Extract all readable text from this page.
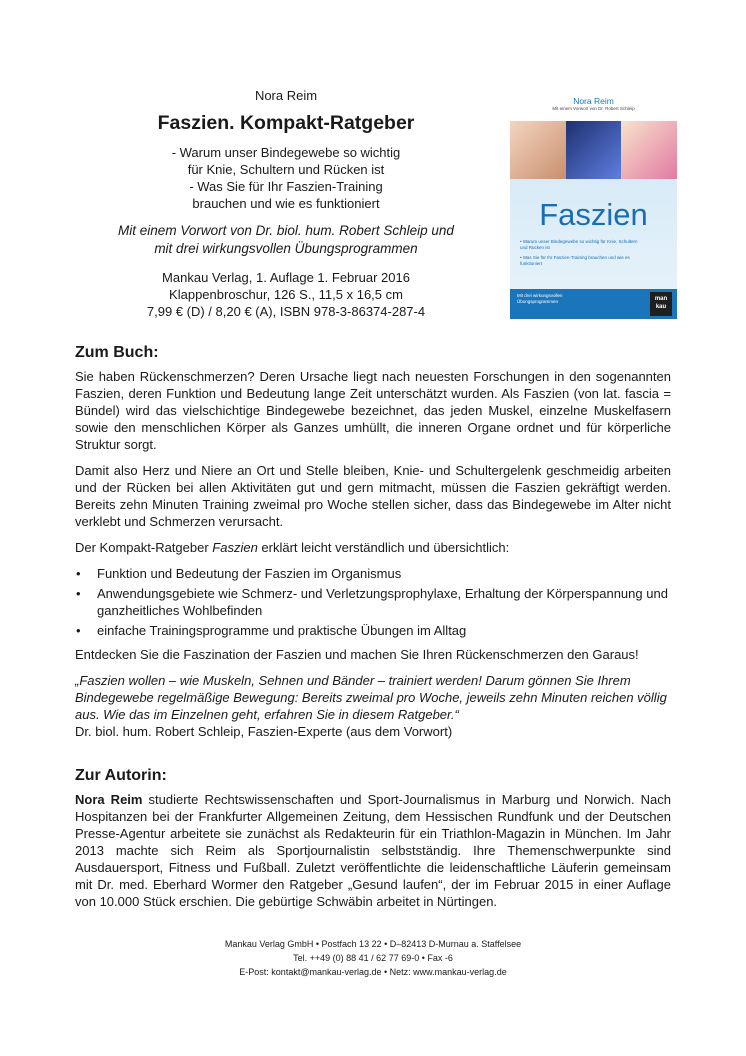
Nora Reim

Faszien. Kompakt-Ratgeber

- Warum unser Bindegewebe so wichtig
für Knie, Schultern und Rücken ist
- Was Sie für Ihr Faszien-Training
brauchen und wie es funktioniert
Mit einem Vorwort von Dr. biol. hum. Robert Schleip und
mit drei wirkungsvollen Übungsprogrammen
Mankau Verlag, 1. Auflage 1. Februar 2016
Klappenbroschur, 126 S., 11,5 x 16,5 cm
7,99 € (D) / 8,20 € (A), ISBN 978-3-86374-287-4
Nora Reim
Mit einem Vorwort von Dr. Robert Schleip
Faszien

• Warum unser Bindegewebe so wichtig für Knie, Schultern und Rücken ist

• Was Sie für Ihr Faszien-Training brauchen und wie es funktioniert

Mit drei wirkungsvollen Übungsprogrammen	man
kau
Zum Buch:

Sie haben Rückenschmerzen? Deren Ursache liegt nach neuesten Forschungen in den sogenannten Faszien, deren Funktion und Bedeutung lange Zeit unterschätzt wurden. Als Faszien (von lat. fascia = Bündel) wird das vielschichtige Bindegewebe bezeichnet, das jeden Muskel, einzelne Muskelfasern sowie den menschlichen Körper als Ganzes umhüllt, die inneren Organe ordnet und für körperliche Struktur sorgt.

Damit also Herz und Niere an Ort und Stelle bleiben, Knie- und Schultergelenk geschmeidig arbeiten und der Rücken bei allen Aktivitäten gut und gern mitmacht, müssen die Faszien gekräftigt werden. Bereits zehn Minuten Training zweimal pro Woche stellen sicher, dass das Bindegewebe im Alter nicht verklebt und Schmerzen verursacht.

Der Kompakt-Ratgeber Faszien erklärt leicht verständlich und übersichtlich:

• Funktion und Bedeutung der Faszien im Organismus
• Anwendungsgebiete wie Schmerz- und Verletzungsprophylaxe, Erhaltung der Körperspannung und ganzheitliches Wohlbefinden
• einfache Trainingsprogramme und praktische Übungen im Alltag

Entdecken Sie die Faszination der Faszien und machen Sie Ihren Rückenschmerzen den Garaus!

„Faszien wollen – wie Muskeln, Sehnen und Bänder – trainiert werden! Darum gönnen Sie Ihrem Bindegewebe regelmäßige Bewegung: Bereits zweimal pro Woche, jeweils zehn Minuten reichen völlig aus. Wie das im Einzelnen geht, erfahren Sie in diesem Ratgeber.“

Dr. biol. hum. Robert Schleip, Faszien-Experte (aus dem Vorwort)

Zur Autorin:

Nora Reim studierte Rechtswissenschaften und Sport-Journalismus in Marburg und Norwich. Nach Hospitanzen bei der Frankfurter Allgemeinen Zeitung, dem Hessischen Rundfunk und der Deutschen Presse-Agentur arbeitete sie zunächst als Redakteurin für ein Triathlon-Magazin in München. Im Jahr 2013 machte sich Reim als Sportjournalistin selbstständig. Ihre Themenschwerpunkte sind Ausdauersport, Fitness und Fußball. Zuletzt veröffentlichte die leidenschaftliche Läuferin gemeinsam mit Dr. med. Eberhard Wormer den Ratgeber „Gesund laufen“, der im Februar 2015 in einer Auflage von 10.000 Stück erschien. Die gebürtige Schwäbin arbeitet in Nürtingen.

Mankau Verlag GmbH • Postfach 13 22 • D–82413 D-Murnau a. Staffelsee
Tel. ++49 (0) 88 41 / 62 77 69-0 • Fax -6
E-Post: kontakt@mankau-verlag.de • Netz: www.mankau-verlag.de
